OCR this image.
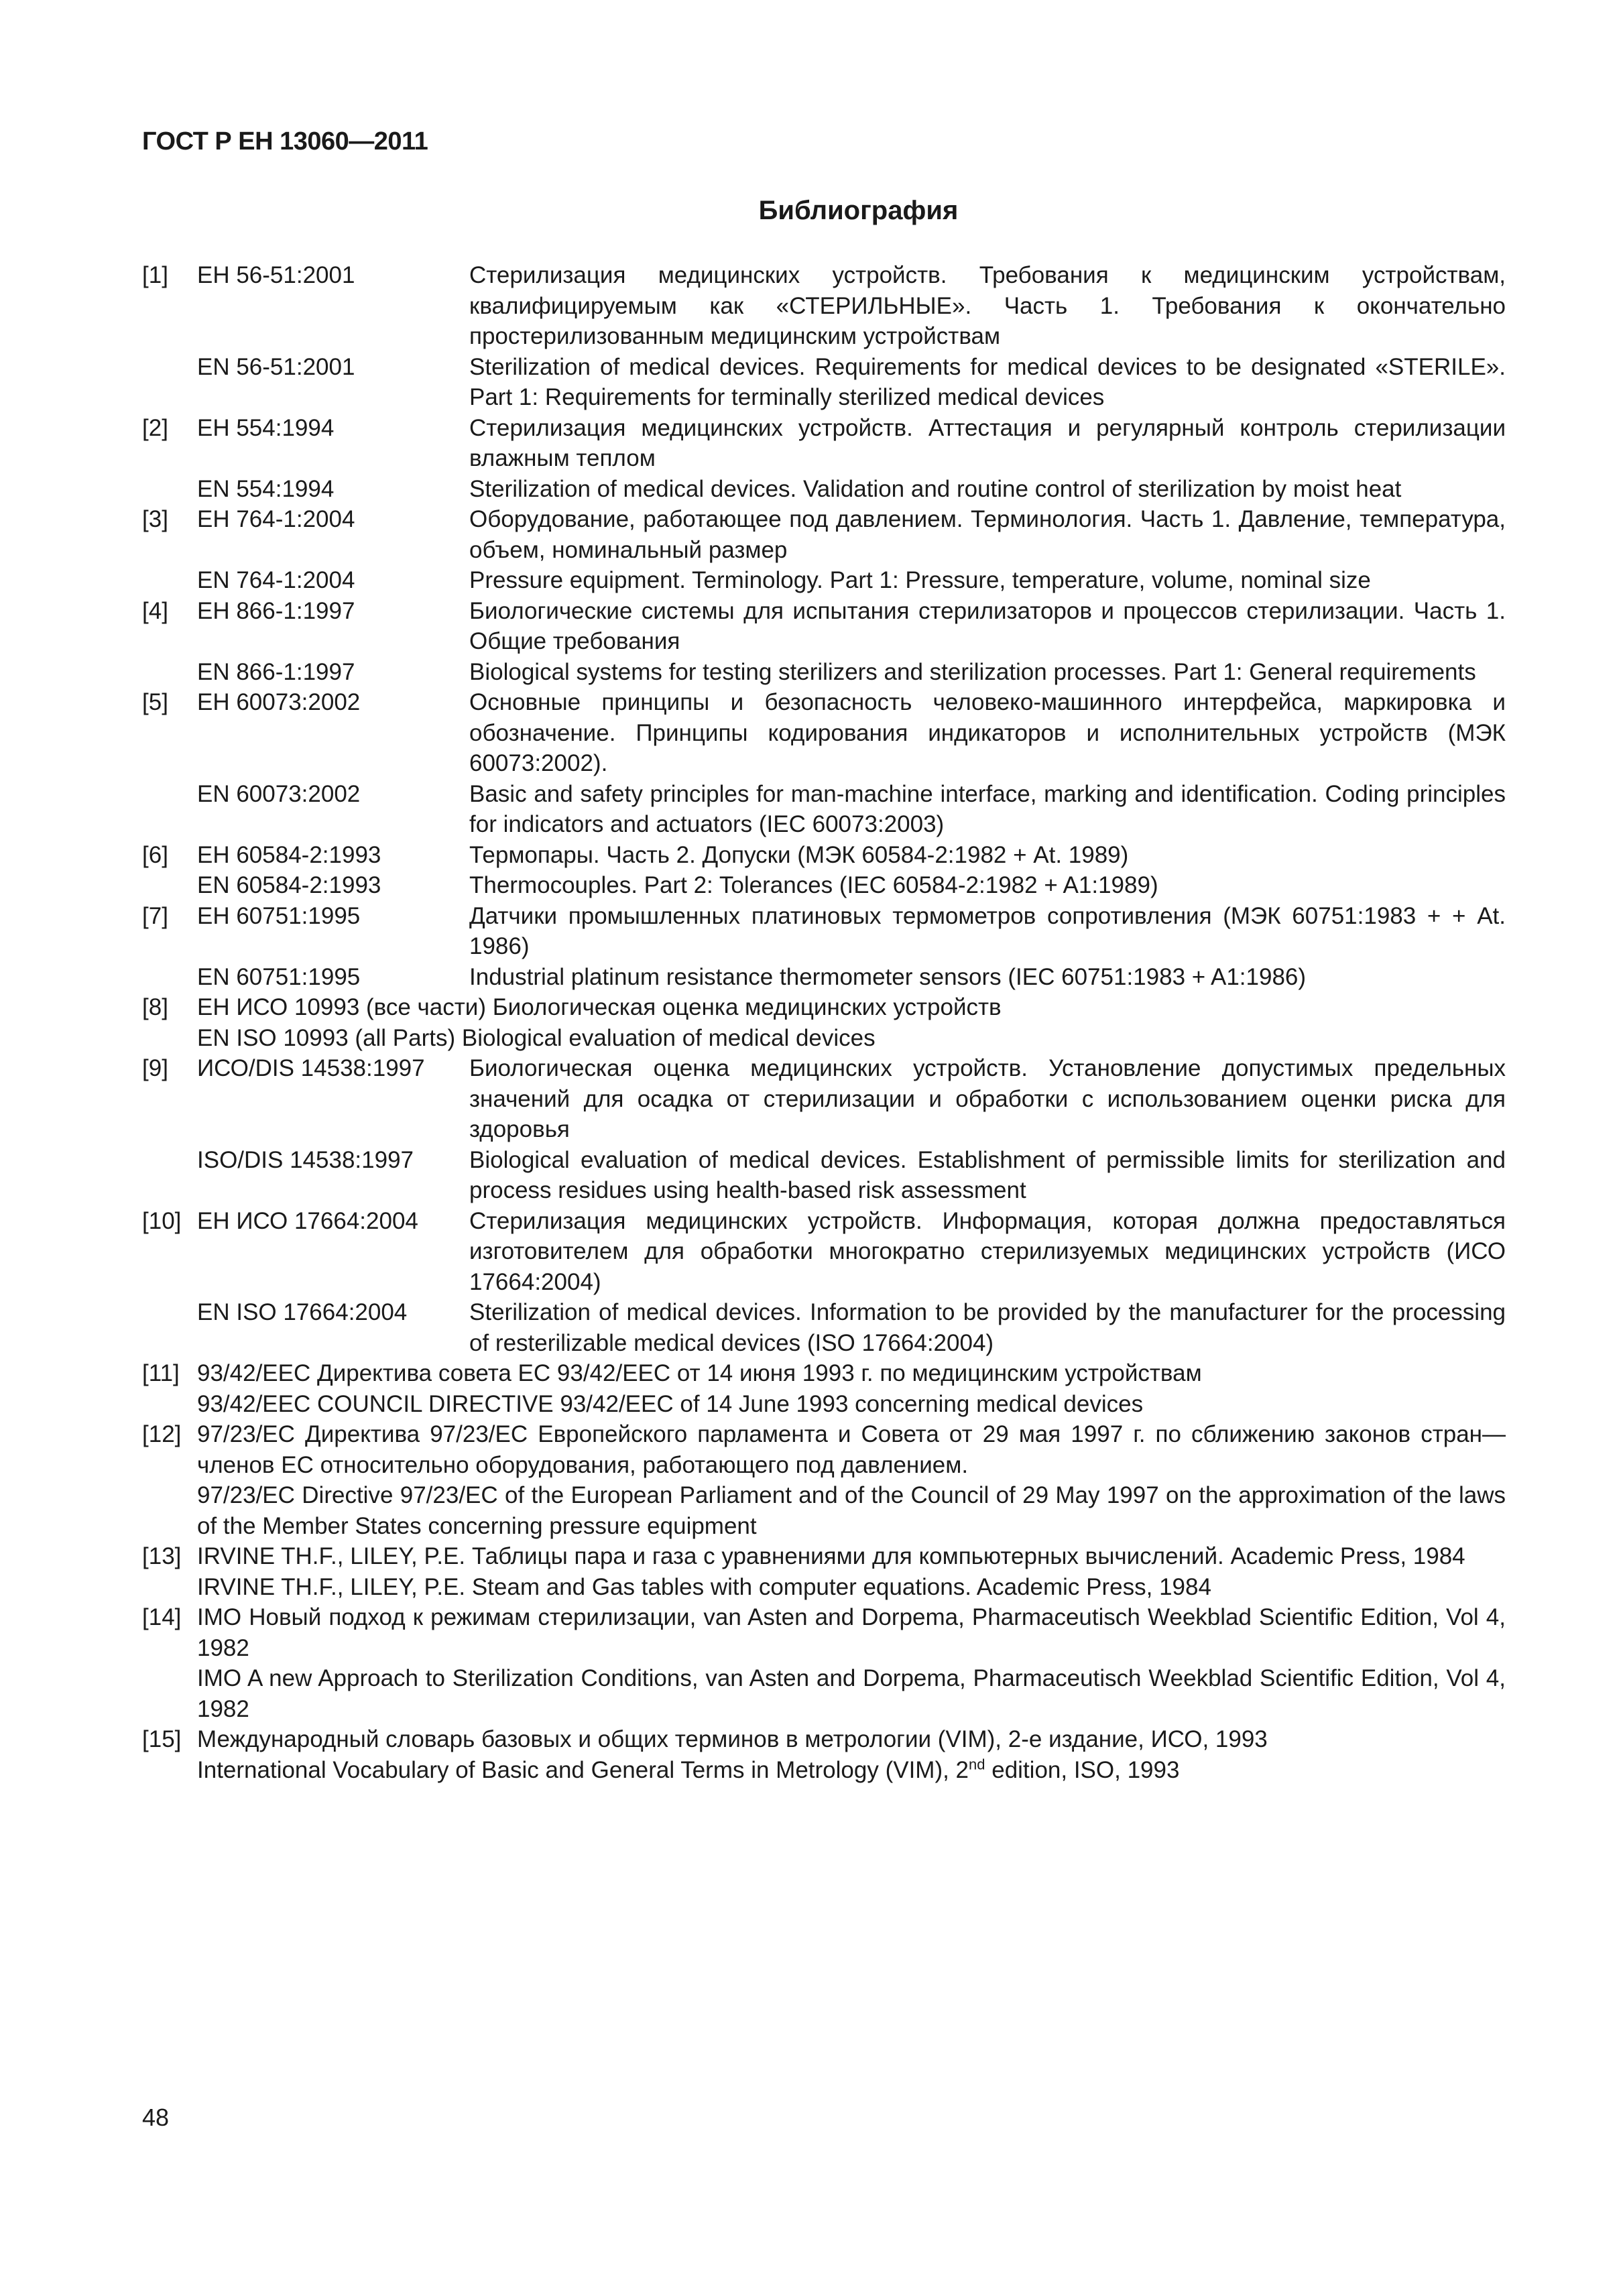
ГОСТ Р ЕН 13060—2011
Библиография
[1] ЕН 56-51:2001	Стерилизация медицинских устройств. Требования к медицинским устройствам, квалифицируемым как «СТЕРИЛЬНЫЕ». Часть 1. Требования к окончательно простерилизованным медицинским устройствам
EN 56-51:2001	Sterilization of medical devices. Requirements for medical devices to be designated «STERILE». Part 1: Requirements for terminally sterilized medical devices
[2] ЕН 554:1994	Стерилизация медицинских устройств. Аттестация и регулярный контроль стерилизации влажным теплом
EN 554:1994	Sterilization of medical devices. Validation and routine control of sterilization by moist heat
[3] ЕН 764-1:2004	Оборудование, работающее под давлением. Терминология. Часть 1. Давление, температура, объем, номинальный размер
EN 764-1:2004	Pressure equipment. Terminology. Part 1: Pressure, temperature, volume, nominal size
[4] ЕН 866-1:1997	Биологические системы для испытания стерилизаторов и процессов стерилизации. Часть 1. Общие требования
EN 866-1:1997	Biological systems for testing sterilizers and sterilization processes. Part 1: General requirements
[5] ЕН 60073:2002	Основные принципы и безопасность человеко-машинного интерфейса, маркировка и обозначение. Принципы кодирования индикаторов и исполнительных устройств (МЭК 60073:2002).
EN 60073:2002	Basic and safety principles for man-machine interface, marking and identification. Coding principles for indicators and actuators (IEC 60073:2003)
[6] ЕН 60584-2:1993	Термопары. Часть 2. Допуски (МЭК 60584-2:1982 + At. 1989)
EN 60584-2:1993	Thermocouples. Part 2: Tolerances (IEC 60584-2:1982 + A1:1989)
[7] ЕН 60751:1995	Датчики промышленных платиновых термометров сопротивления (МЭК 60751:1983 + + At. 1986)
EN 60751:1995	Industrial platinum resistance thermometer sensors (IEC 60751:1983 + A1:1986)
[8] ЕН ИСО 10993 (все части) Биологическая оценка медицинских устройств
EN ISO 10993 (all Parts) Biological evaluation of medical devices
[9] ИСО/DIS 14538:1997 Биологическая оценка медицинских устройств. Установление допустимых предельных значений для осадка от стерилизации и обработки с использованием оценки риска для здоровья
ISO/DIS 14538:1997 Biological evaluation of medical devices. Establishment of permissible limits for sterilization and process residues using health-based risk assessment
[10] ЕН ИСО 17664:2004 Стерилизация медицинских устройств. Информация, которая должна предоставляться изготовителем для обработки многократно стерилизуемых медицинских устройств (ИСО 17664:2004)
EN ISO 17664:2004	Sterilization of medical devices. Information to be provided by the manufacturer for the processing of resterilizable medical devices (ISO 17664:2004)
[11] 93/42/EEC Директива совета ЕС 93/42/EEC от 14 июня 1993 г. по медицинским устройствам
93/42/EEC COUNCIL DIRECTIVE 93/42/EEC of 14 June 1993 concerning medical devices
[12] 97/23/EC Директива 97/23/EC Европейского парламента и Совета от 29 мая 1997 г. по сближению законов стран—членов ЕС относительно оборудования, работающего под давлением.
97/23/EC Directive 97/23/EC of the European Parliament and of the Council of 29 May 1997 on the approximation of the laws of the Member States concerning pressure equipment
[13] IRVINE TH.F., LILEY, P.E. Таблицы пара и газа с уравнениями для компьютерных вычислений. Academic Press, 1984
IRVINE TH.F., LILEY, P.E. Steam and Gas tables with computer equations. Academic Press, 1984
[14] IMO Новый подход к режимам стерилизации, van Asten and Dorpema, Pharmaceutisch Weekblad Scientific Edition, Vol 4, 1982
IMO A new Approach to Sterilization Conditions, van Asten and Dorpema, Pharmaceutisch Weekblad Scientific Edition, Vol 4, 1982
[15] Международный словарь базовых и общих терминов в метрологии (VIM), 2-е издание, ИСО, 1993
International Vocabulary of Basic and General Terms in Metrology (VIM), 2nd edition, ISO, 1993
48
